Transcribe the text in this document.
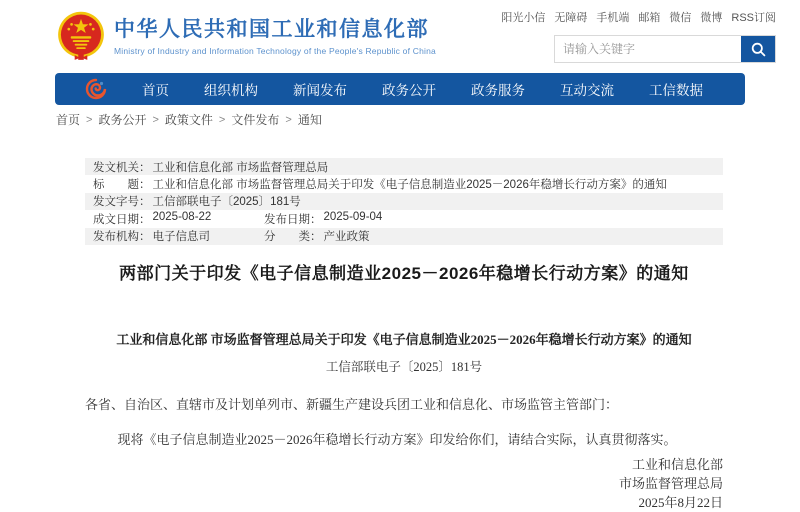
中华人民共和国工业和信息化部
Ministry of Industry and Information Technology of the People's Republic of China
阳光小信 无障碍 手机端 邮箱 微信 微博 RSS订阅
请输入关键字
首页	组织机构	新闻发布	政务公开	政务服务	互动交流	工信数据
首页 > 政务公开 > 政策文件 > 文件发布 > 通知
发文机关： 工业和信息化部 市场监督管理总局
标　　题： 工业和信息化部 市场监督管理总局关于印发《电子信息制造业2025－2026年稳增长行动方案》的通知
发文字号： 工信部联电子〔2025〕181号
成文日期： 2025-08-22	发布日期： 2025-09-04
发布机构： 电子信息司	分　　类： 产业政策
两部门关于印发《电子信息制造业2025－2026年稳增长行动方案》的通知
工业和信息化部 市场监督管理总局关于印发《电子信息制造业2025－2026年稳增长行动方案》的通知
工信部联电子〔2025〕181号
各省、自治区、直辖市及计划单列市、新疆生产建设兵团工业和信息化、市场监管主管部门：
现将《电子信息制造业2025－2026年稳增长行动方案》印发给你们，请结合实际，认真贯彻落实。
工业和信息化部
市场监督管理总局
2025年8月22日
